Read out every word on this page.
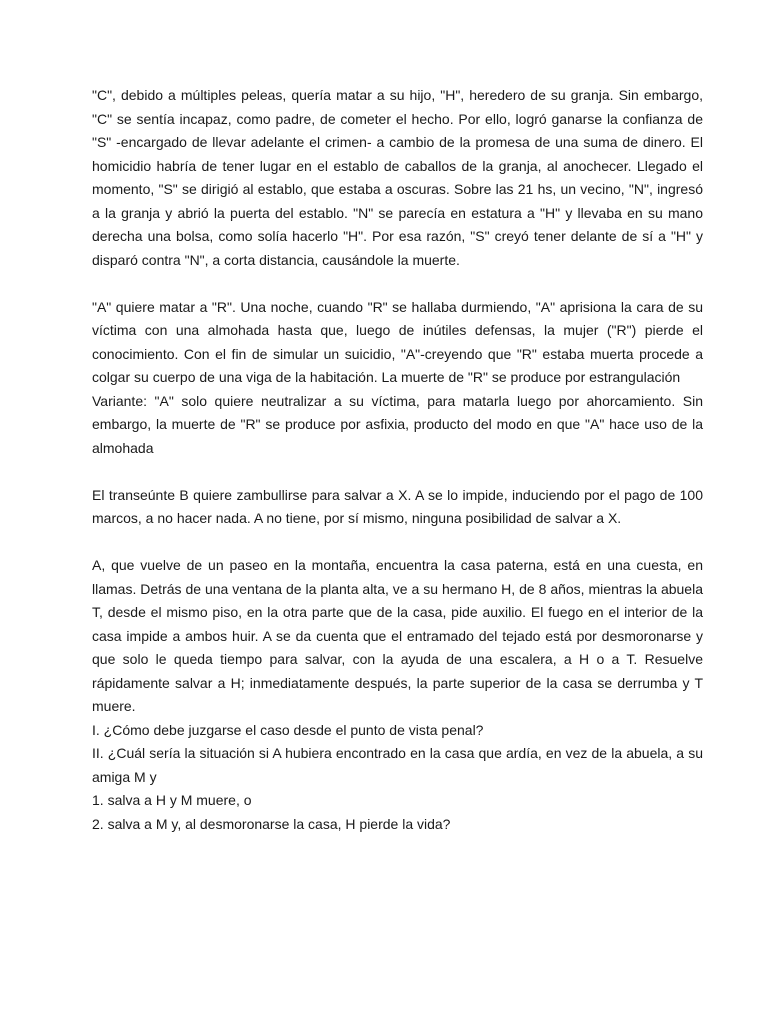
"C", debido a múltiples peleas, quería matar a su hijo, "H", heredero de su granja. Sin embargo, "C" se sentía incapaz, como padre, de cometer el hecho. Por ello, logró ganarse la confianza de "S" -encargado de llevar adelante el crimen- a cambio de la promesa de una suma de dinero. El homicidio habría de tener lugar en el establo de caballos de la granja, al anochecer. Llegado el momento, "S" se dirigió al establo, que estaba a oscuras. Sobre las 21 hs, un vecino, "N", ingresó a la granja y abrió la puerta del establo. "N" se parecía en estatura a "H" y llevaba en su mano derecha una bolsa, como solía hacerlo "H". Por esa razón, "S" creyó tener delante de sí a "H" y disparó contra "N", a corta distancia, causándole la muerte.

"A" quiere matar a "R". Una noche, cuando "R" se hallaba durmiendo, "A" aprisiona la cara de su víctima con una almohada hasta que, luego de inútiles defensas, la mujer ("R") pierde el conocimiento. Con el fin de simular un suicidio, "A"-creyendo que "R" estaba muerta procede a colgar su cuerpo de una viga de la habitación. La muerte de "R" se produce por estrangulación

Variante: "A" solo quiere neutralizar a su víctima, para matarla luego por ahorcamiento. Sin embargo, la muerte de "R" se produce por asfixia, producto del modo en que "A" hace uso de la almohada

El transeúnte B quiere zambullirse para salvar a X. A se lo impide, induciendo por el pago de 100 marcos, a no hacer nada. A no tiene, por sí mismo, ninguna posibilidad de salvar a X.

A, que vuelve de un paseo en la montaña, encuentra la casa paterna, está en una cuesta, en llamas. Detrás de una ventana de la planta alta, ve a su hermano H, de 8 años, mientras la abuela T, desde el mismo piso, en la otra parte que de la casa, pide auxilio. El fuego en el interior de la casa impide a ambos huir. A se da cuenta que el entramado del tejado está por desmoronarse y que solo le queda tiempo para salvar, con la ayuda de una escalera, a H o a T. Resuelve rápidamente salvar a H; inmediatamente después, la parte superior de la casa se derrumba y T muere.

I. ¿Cómo debe juzgarse el caso desde el punto de vista penal?

II. ¿Cuál sería la situación si A hubiera encontrado en la casa que ardía, en vez de la abuela, a su amiga M y

1. salva a H y M muere, o

2. salva a M y, al desmoronarse la casa, H pierde la vida?
